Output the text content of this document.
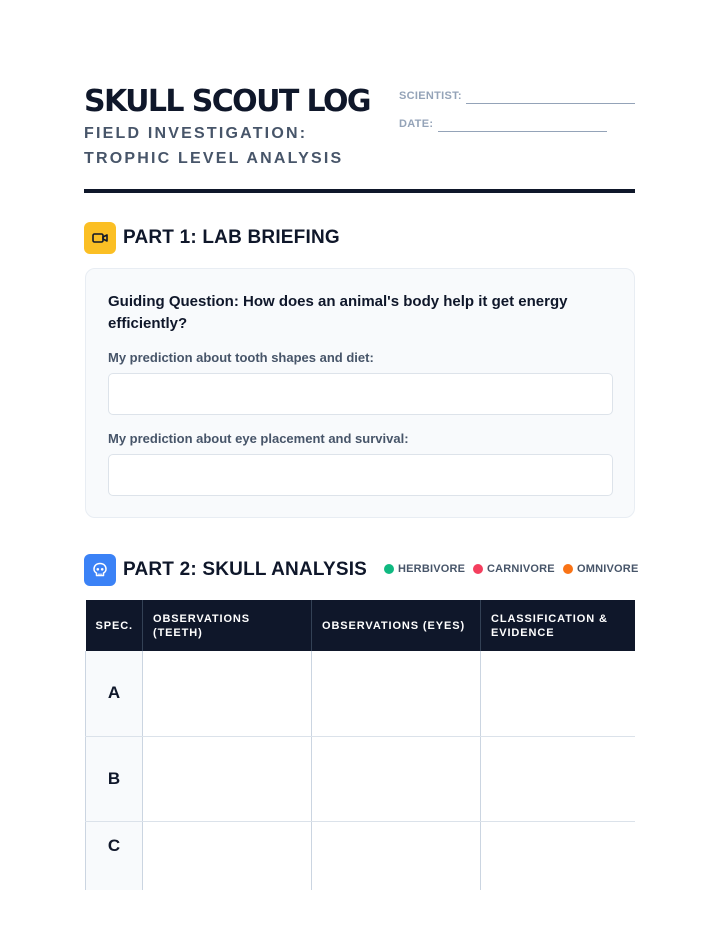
SKULL SCOUT LOG

FIELD INVESTIGATION: TROPHIC LEVEL ANALYSIS

SCIENTIST:
DATE:
PART 1: LAB BRIEFING

Guiding Question: How does an animal's body help it get energy efficiently?

My prediction about tooth shapes and diet:

My prediction about eye placement and survival:

PART 2: SKULL ANALYSIS	HERBIVORE CARNIVORE OMNIVORE
SPEC.	OBSERVATIONS (TEETH)	OBSERVATIONS (EYES)	CLASSIFICATION & EVIDENCE
A			
B			
C			
